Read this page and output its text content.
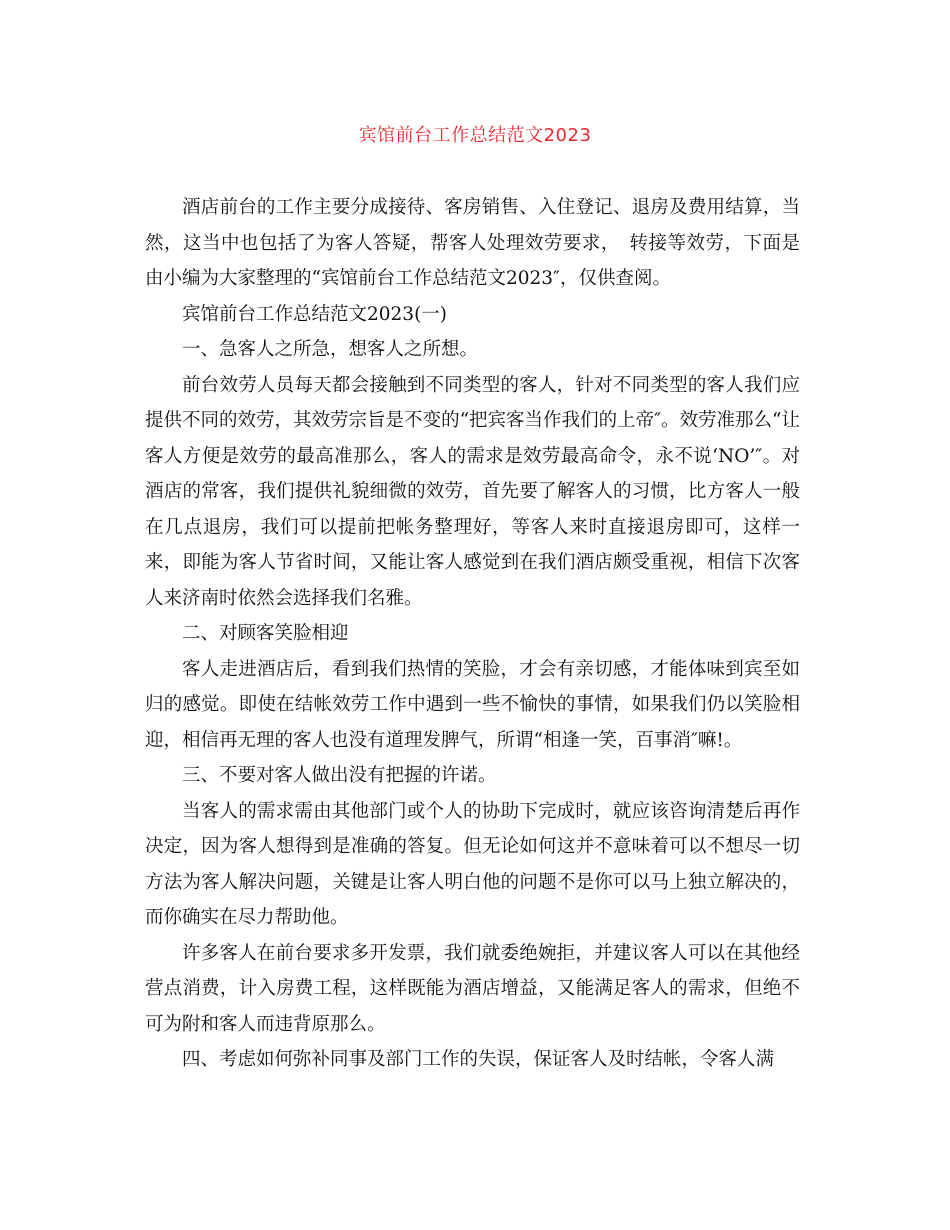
宾馆前台工作总结范文2023

酒店前台的工作主要分成接待、客房销售、入住登记、退房及费用结算，当然，这当中也包括了为客人答疑，帮客人处理效劳要求，　转接等效劳，下面是由小编为大家整理的“宾馆前台工作总结范文2023″，仅供查阅。

宾馆前台工作总结范文2023(一)

一、急客人之所急，想客人之所想。

前台效劳人员每天都会接触到不同类型的客人，针对不同类型的客人我们应提供不同的效劳，其效劳宗旨是不变的“把宾客当作我们的上帝″。效劳准那么“让客人方便是效劳的最高准那么，客人的需求是效劳最高命令，永不说‘NO’″。对酒店的常客，我们提供礼貌细微的效劳，首先要了解客人的习惯，比方客人一般在几点退房，我们可以提前把帐务整理好，等客人来时直接退房即可，这样一来，即能为客人节省时间，又能让客人感觉到在我们酒店颇受重视，相信下次客人来济南时依然会选择我们名雅。

二、对顾客笑脸相迎

客人走进酒店后，看到我们热情的笑脸，才会有亲切感，才能体味到宾至如归的感觉。即使在结帐效劳工作中遇到一些不愉快的事情，如果我们仍以笑脸相迎，相信再无理的客人也没有道理发脾气，所谓“相逢一笑，百事消″嘛!。

三、不要对客人做出没有把握的许诺。

当客人的需求需由其他部门或个人的协助下完成时，就应该咨询清楚后再作决定，因为客人想得到是准确的答复。但无论如何这并不意味着可以不想尽一切方法为客人解决问题，关键是让客人明白他的问题不是你可以马上独立解决的，而你确实在尽力帮助他。

许多客人在前台要求多开发票，我们就委绝婉拒，并建议客人可以在其他经营点消费，计入房费工程，这样既能为酒店增益，又能满足客人的需求，但绝不可为附和客人而违背原那么。

四、考虑如何弥补同事及部门工作的失误，保证客人及时结帐，令客人满
